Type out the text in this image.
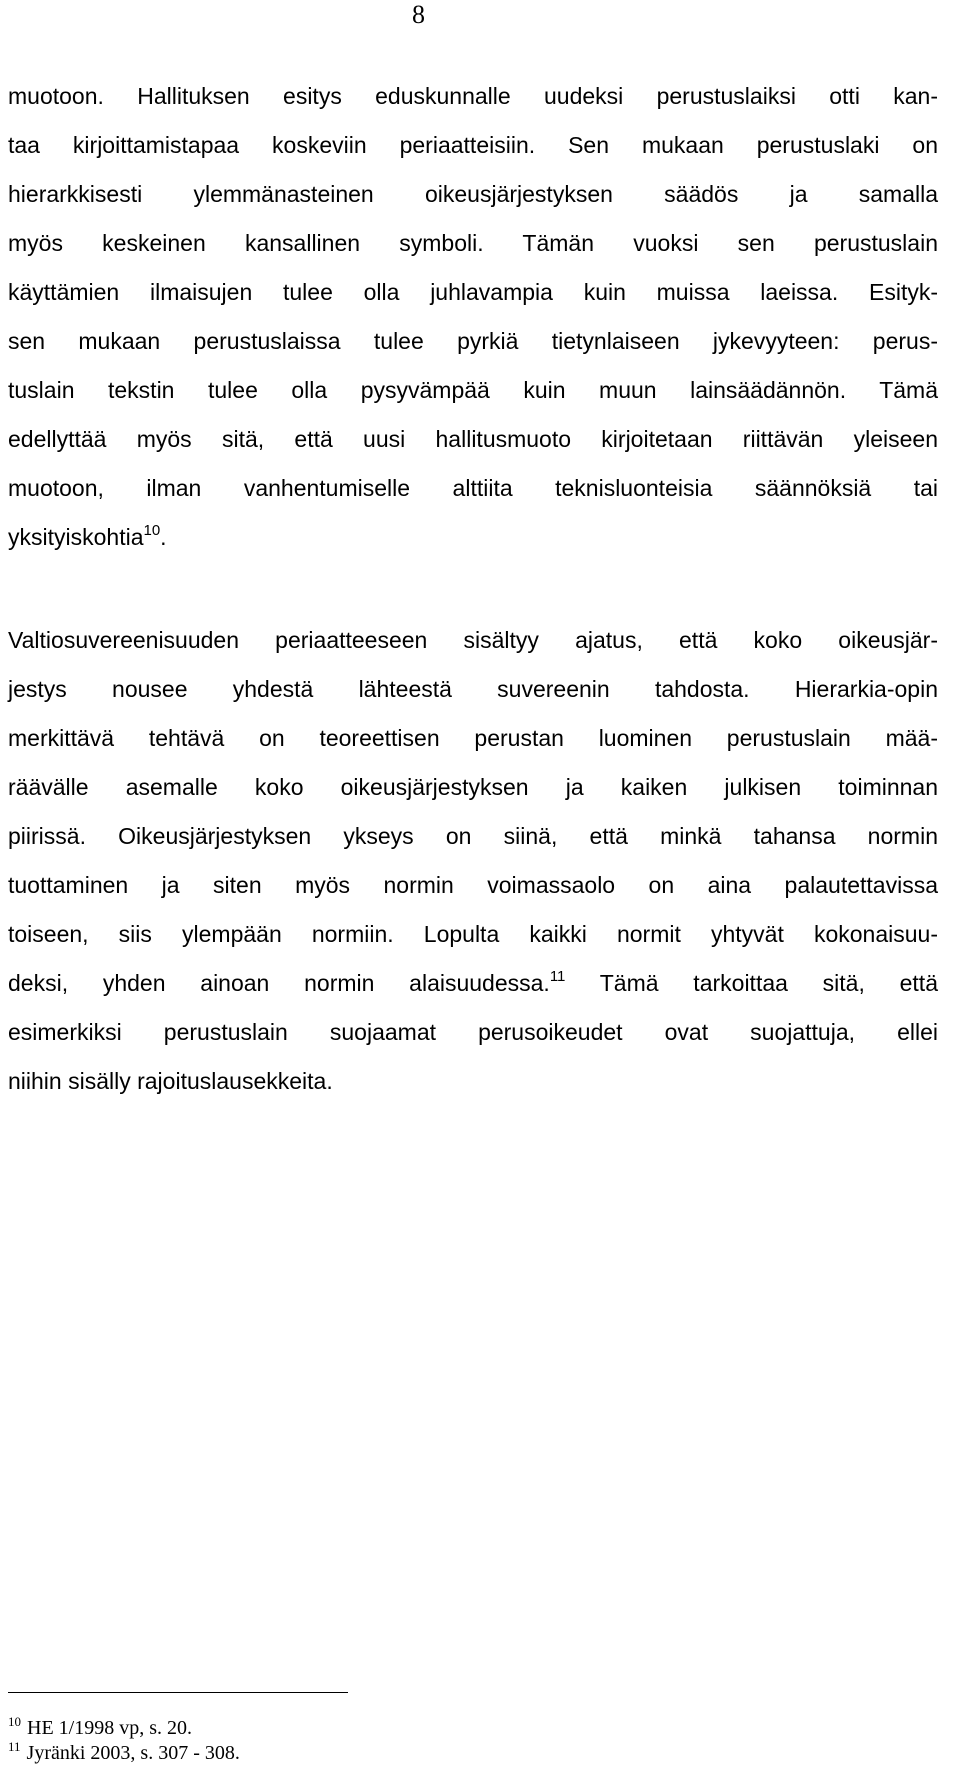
8
muotoon. Hallituksen esitys eduskunnalle uudeksi perustuslaiksi otti kan-
taa kirjoittamistapaa koskeviin periaatteisiin. Sen mukaan perustuslaki on
hierarkkisesti ylemmänasteinen oikeusjärjestyksen säädös ja samalla
myös keskeinen kansallinen symboli. Tämän vuoksi sen perustuslain
käyttämien ilmaisujen tulee olla juhlavampia kuin muissa laeissa. Esityk-
sen mukaan perustuslaissa tulee pyrkiä tietynlaiseen jykevyyteen: perus-
tuslain tekstin tulee olla pysyvämpää kuin muun lainsäädännön. Tämä
edellyttää myös sitä, että uusi hallitusmuoto kirjoitetaan riittävän yleiseen
muotoon, ilman vanhentumiselle alttiita teknisluonteisia säännöksiä tai
yksityiskohtia$^{10}$.
Valtiosuvereenisuuden periaatteeseen sisältyy ajatus, että koko oikeusjär-
jestys nousee yhdestä lähteestä suvereenin tahdosta. Hierarkia-opin
merkittävä tehtävä on teoreettisen perustan luominen perustuslain mää-
räävälle asemalle koko oikeusjärjestyksen ja kaiken julkisen toiminnan
piirissä. Oikeusjärjestyksen ykseys on siinä, että minkä tahansa normin
tuottaminen ja siten myös normin voimassaolo on aina palautettavissa
toiseen, siis ylempään normiin. Lopulta kaikki normit yhtyvät kokonaisuu-
deksi, yhden ainoan normin alaisuudessa.$^{11}$ Tämä tarkoittaa sitä, että
esimerkiksi perustuslain suojaamat perusoikeudet ovat suojattuja, ellei
niihin sisälly rajoituslausekkeita.
$^{10}$ HE 1/1998 vp, s. 20.
$^{11}$ Jyränki 2003, s. 307 - 308.
